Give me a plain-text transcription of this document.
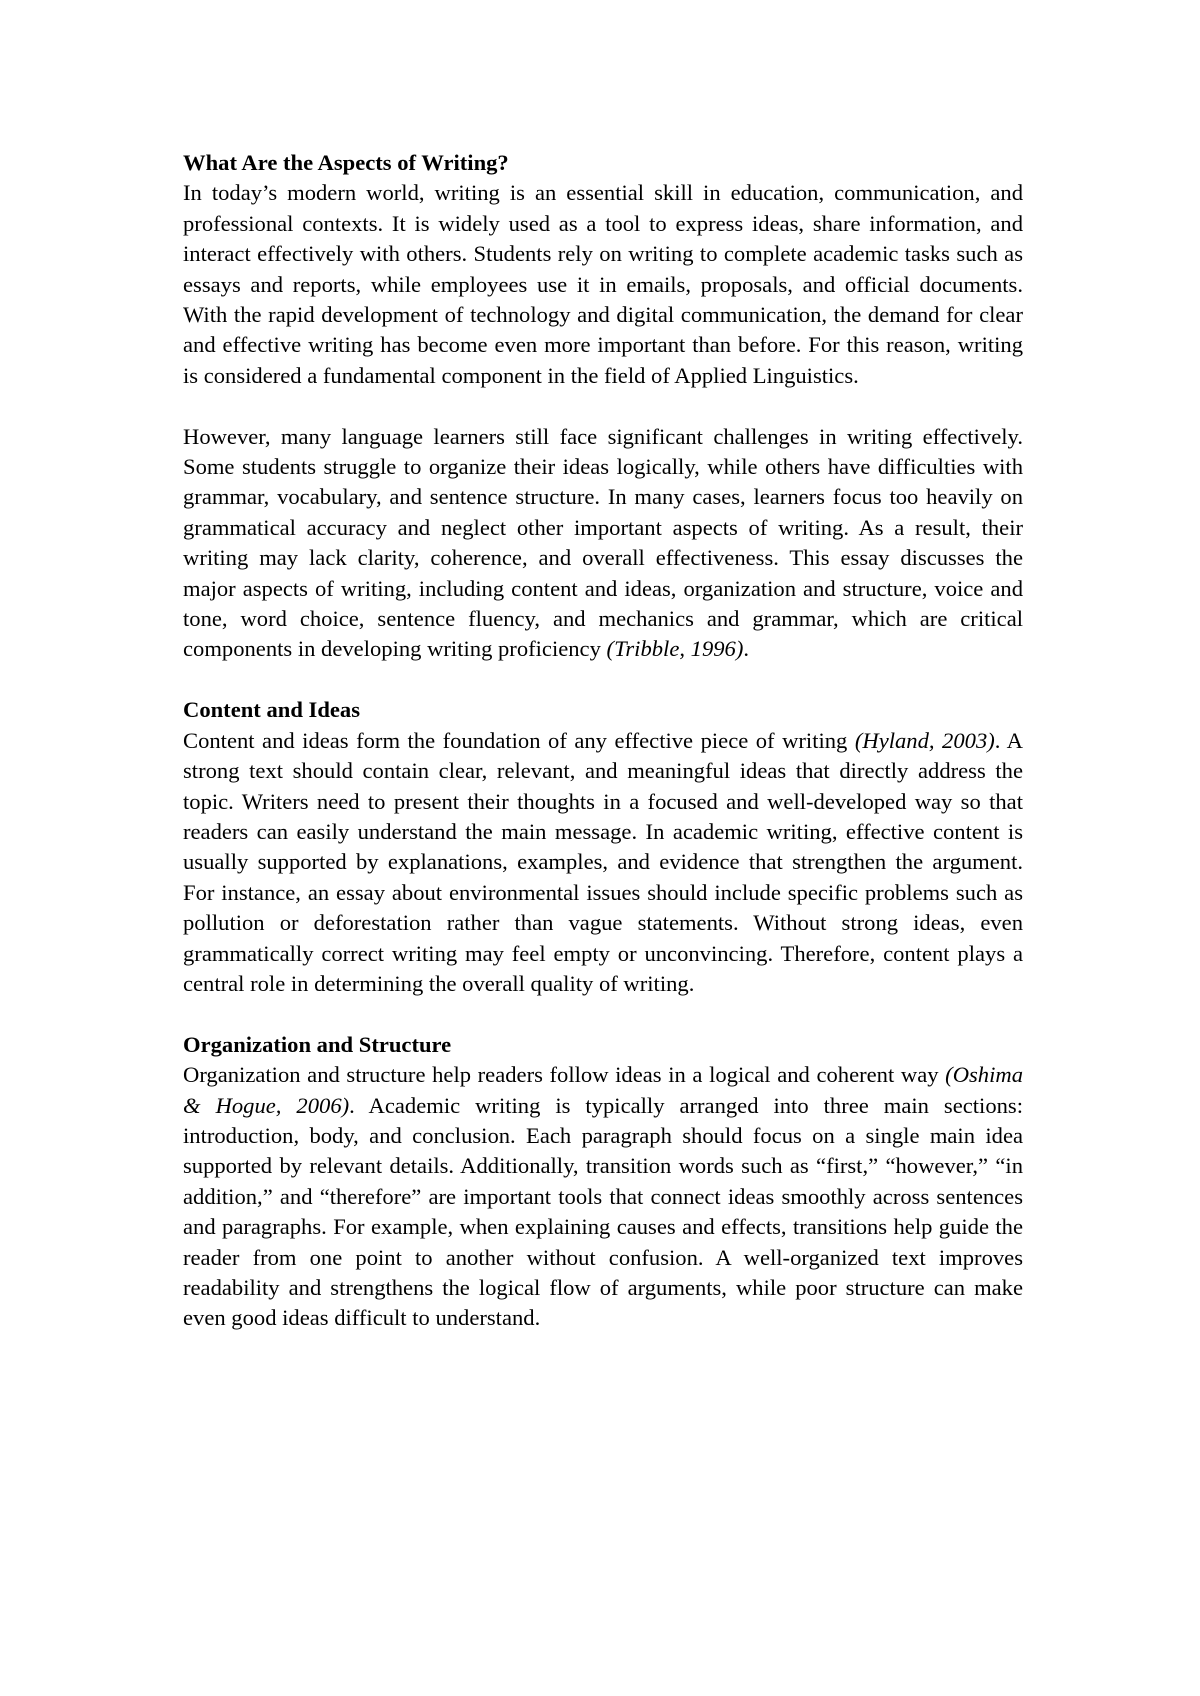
What Are the Aspects of Writing?

In today’s modern world, writing is an essential skill in education, communication, and professional contexts. It is widely used as a tool to express ideas, share information, and interact effectively with others. Students rely on writing to complete academic tasks such as essays and reports, while employees use it in emails, proposals, and official documents. With the rapid development of technology and digital communication, the demand for clear and effective writing has become even more important than before. For this reason, writing is considered a fundamental component in the field of Applied Linguistics.

However, many language learners still face significant challenges in writing effectively. Some students struggle to organize their ideas logically, while others have difficulties with grammar, vocabulary, and sentence structure. In many cases, learners focus too heavily on grammatical accuracy and neglect other important aspects of writing. As a result, their writing may lack clarity, coherence, and overall effectiveness. This essay discusses the major aspects of writing, including content and ideas, organization and structure, voice and tone, word choice, sentence fluency, and mechanics and grammar, which are critical components in developing writing proficiency (Tribble, 1996).

Content and Ideas

Content and ideas form the foundation of any effective piece of writing (Hyland, 2003). A strong text should contain clear, relevant, and meaningful ideas that directly address the topic. Writers need to present their thoughts in a focused and well-developed way so that readers can easily understand the main message. In academic writing, effective content is usually supported by explanations, examples, and evidence that strengthen the argument. For instance, an essay about environmental issues should include specific problems such as pollution or deforestation rather than vague statements. Without strong ideas, even grammatically correct writing may feel empty or unconvincing. Therefore, content plays a central role in determining the overall quality of writing.

Organization and Structure

Organization and structure help readers follow ideas in a logical and coherent way (Oshima & Hogue, 2006). Academic writing is typically arranged into three main sections: introduction, body, and conclusion. Each paragraph should focus on a single main idea supported by relevant details. Additionally, transition words such as “first,” “however,” “in addition,” and “therefore” are important tools that connect ideas smoothly across sentences and paragraphs. For example, when explaining causes and effects, transitions help guide the reader from one point to another without confusion. A well-organized text improves readability and strengthens the logical flow of arguments, while poor structure can make even good ideas difficult to understand.
